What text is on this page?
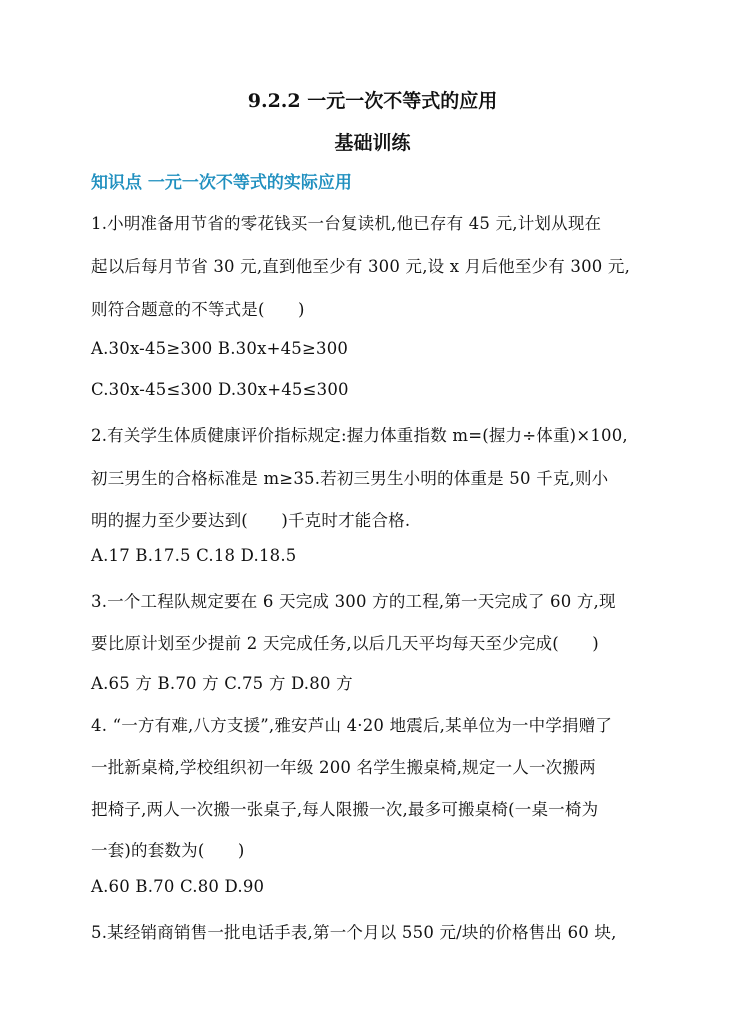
9.2.2 一元一次不等式的应用
基础训练
知识点 一元一次不等式的实际应用
1.小明准备用节省的零花钱买一台复读机,他已存有 45 元,计划从现在
起以后每月节省 30 元,直到他至少有 300 元,设 x 月后他至少有 300 元,
则符合题意的不等式是(　　)
A.30x-45≥300 B.30x+45≥300
C.30x-45≤300 D.30x+45≤300
2.有关学生体质健康评价指标规定:握力体重指数 m=(握力÷体重)×100,
初三男生的合格标准是 m≥35.若初三男生小明的体重是 50 千克,则小
明的握力至少要达到(　　)千克时才能合格.
A.17 B.17.5 C.18 D.18.5
3.一个工程队规定要在 6 天完成 300 方的工程,第一天完成了 60 方,现
要比原计划至少提前 2 天完成任务,以后几天平均每天至少完成(　　)
A.65 方 B.70 方 C.75 方 D.80 方
4. “一方有难,八方支援”,雅安芦山 4·20 地震后,某单位为一中学捐赠了
一批新桌椅,学校组织初一年级 200 名学生搬桌椅,规定一人一次搬两
把椅子,两人一次搬一张桌子,每人限搬一次,最多可搬桌椅(一桌一椅为
一套)的套数为(　　)
A.60 B.70 C.80 D.90
5.某经销商销售一批电话手表,第一个月以 550 元/块的价格售出 60 块,
